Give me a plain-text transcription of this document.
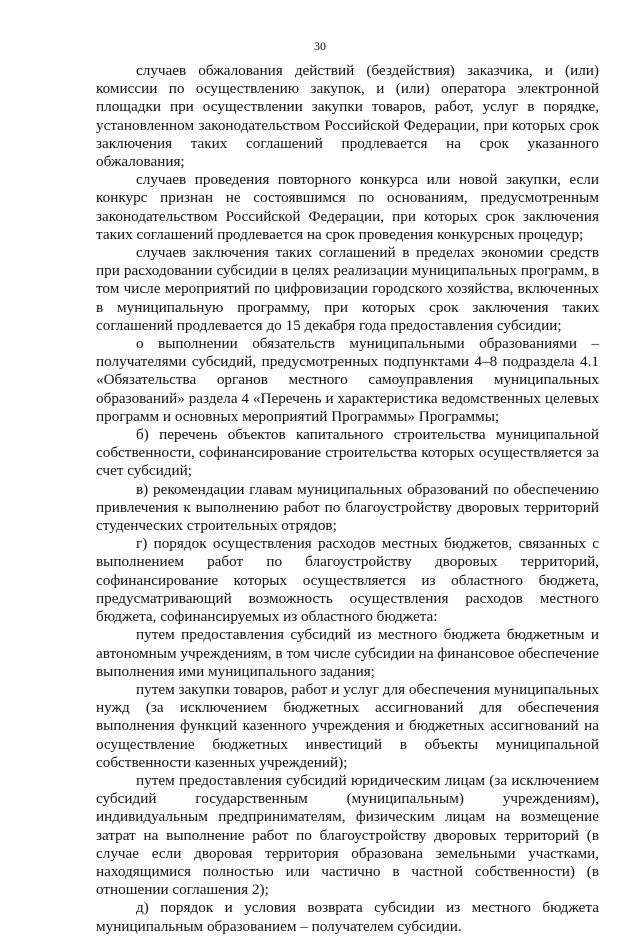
30

случаев обжалования действий (бездействия) заказчика, и (или) комиссии по осуществлению закупок, и (или) оператора электронной площадки при осуществлении закупки товаров, работ, услуг в порядке, установленном законодательством Российской Федерации, при которых срок заключения таких соглашений продлевается на срок указанного обжалования;

случаев проведения повторного конкурса или новой закупки, если конкурс признан не состоявшимся по основаниям, предусмотренным законодательством Российской Федерации, при которых срок заключения таких соглашений продлевается на срок проведения конкурсных процедур;

случаев заключения таких соглашений в пределах экономии средств при расходовании субсидии в целях реализации муниципальных программ, в том числе мероприятий по цифровизации городского хозяйства, включенных в муниципальную программу, при которых срок заключения таких соглашений продлевается до 15 декабря года предоставления субсидии;

о выполнении обязательств муниципальными образованиями – получателями субсидий, предусмотренных подпунктами 4–8 подраздела 4.1 «Обязательства органов местного самоуправления муниципальных образований» раздела 4 «Перечень и характеристика ведомственных целевых программ и основных мероприятий Программы» Программы;

б) перечень объектов капитального строительства муниципальной собственности, софинансирование строительства которых осуществляется за счет субсидий;

в) рекомендации главам муниципальных образований по обеспечению привлечения к выполнению работ по благоустройству дворовых территорий студенческих строительных отрядов;

г) порядок осуществления расходов местных бюджетов, связанных с выполнением работ по благоустройству дворовых территорий, софинансирование которых осуществляется из областного бюджета, предусматривающий возможность осуществления расходов местного бюджета, софинансируемых из областного бюджета:

путем предоставления субсидий из местного бюджета бюджетным и автономным учреждениям, в том числе субсидии на финансовое обеспечение выполнения ими муниципального задания;

путем закупки товаров, работ и услуг для обеспечения муниципальных нужд (за исключением бюджетных ассигнований для обеспечения выполнения функций казенного учреждения и бюджетных ассигнований на осуществление бюджетных инвестиций в объекты муниципальной собственности казенных учреждений);

путем предоставления субсидий юридическим лицам (за исключением субсидий государственным (муниципальным) учреждениям), индивидуальным предпринимателям, физическим лицам на возмещение затрат на выполнение работ по благоустройству дворовых территорий (в случае если дворовая территория образована земельными участками, находящимися полностью или частично в частной собственности) (в отношении соглашения 2);

д) порядок и условия возврата субсидии из местного бюджета муниципальным образованием – получателем субсидии.
